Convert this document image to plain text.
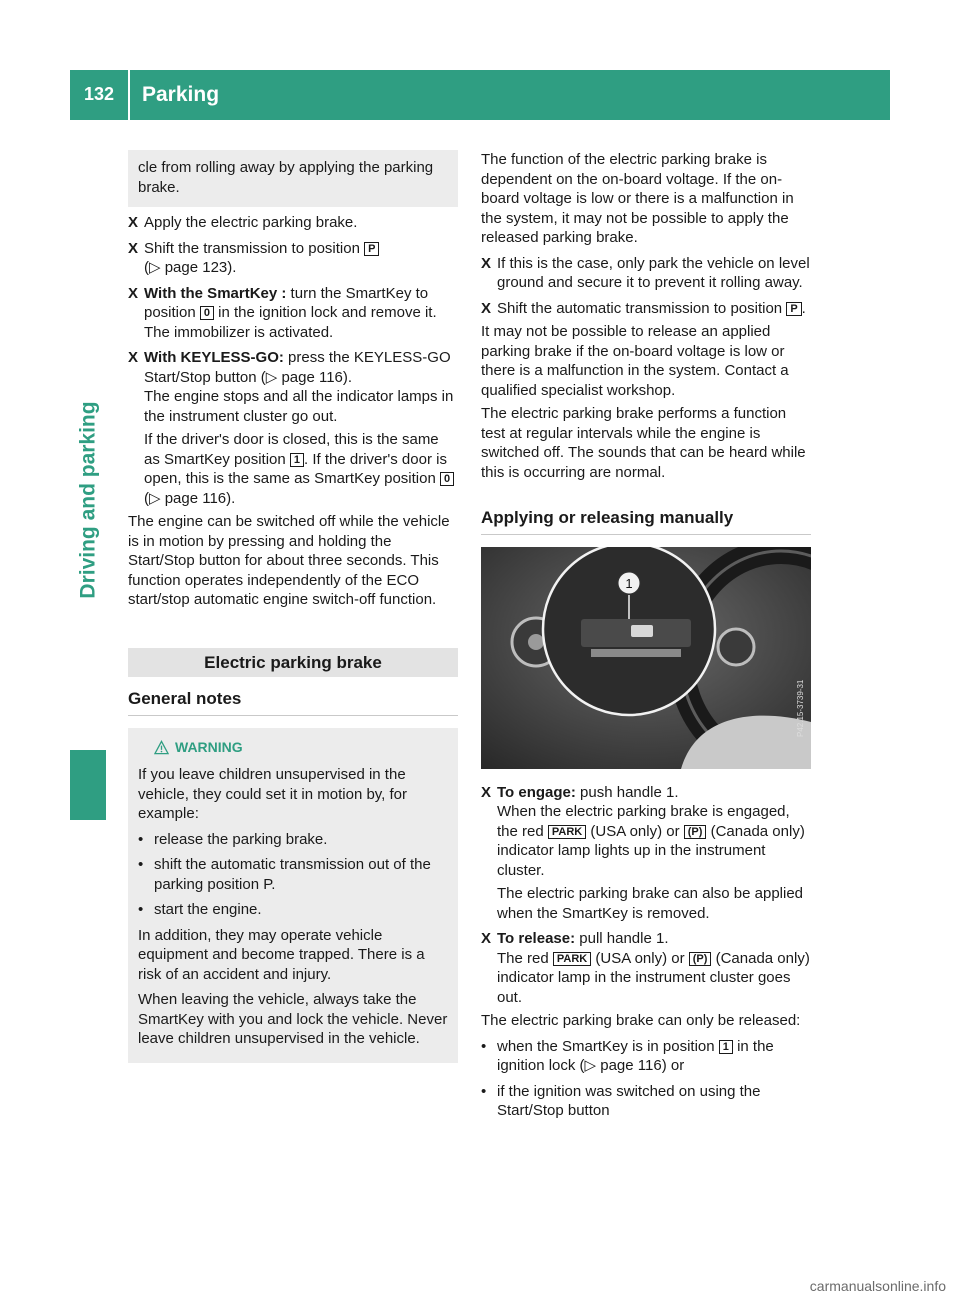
132	Parking
Driving and parking

cle from rolling away by applying the parking brake.

X Apply the electric parking brake.
X Shift the transmission to position P
(▷ page 123).
X With the SmartKey : turn the SmartKey to position 0 in the ignition lock and remove it.
The immobilizer is activated.
X With KEYLESS-GO: press the KEYLESS-GO Start/Stop button (▷ page 116).
The engine stops and all the indicator lamps in the instrument cluster go out.
If the driver's door is closed, this is the same as SmartKey position 1 . If the driver's door is open, this is the same as SmartKey position 0 (▷ page 116).

The engine can be switched off while the vehicle is in motion by pressing and holding the Start/Stop button for about three seconds. This function operates independently of the ECO start/stop automatic engine switch-off function.

Electric parking brake
General notes
WARNING

If you leave children unsupervised in the vehicle, they could set it in motion by, for example:

• release the parking brake.
• shift the automatic transmission out of the parking position P.
• start the engine.

In addition, they may operate vehicle equipment and become trapped. There is a risk of an accident and injury.

When leaving the vehicle, always take the SmartKey with you and lock the vehicle. Never leave children unsupervised in the vehicle.

The function of the electric parking brake is dependent on the on-board voltage. If the on-board voltage is low or there is a malfunction in the system, it may not be possible to apply the released parking brake.

X If this is the case, only park the vehicle on level ground and secure it to prevent it rolling away.
X Shift the automatic transmission to position P .

It may not be possible to release an applied parking brake if the on-board voltage is low or there is a malfunction in the system. Contact a qualified specialist workshop.

The electric parking brake performs a function test at regular intervals while the engine is switched off. The sounds that can be heard while this is occurring are normal.

Applying or releasing manually
1
P42.15-3739-31
X To engage: push handle 1.
When the electric parking brake is engaged, the red PARK (USA only) or (P) (Canada only) indicator lamp lights up in the instrument cluster.
The electric parking brake can also be applied when the SmartKey is removed.
X To release: pull handle 1.
The red PARK (USA only) or (P) (Canada only) indicator lamp in the instrument cluster goes out.

The electric parking brake can only be released:

• when the SmartKey is in position 1 in the ignition lock (▷ page 116) or
• if the ignition was switched on using the Start/Stop button
carmanualsonline.info
